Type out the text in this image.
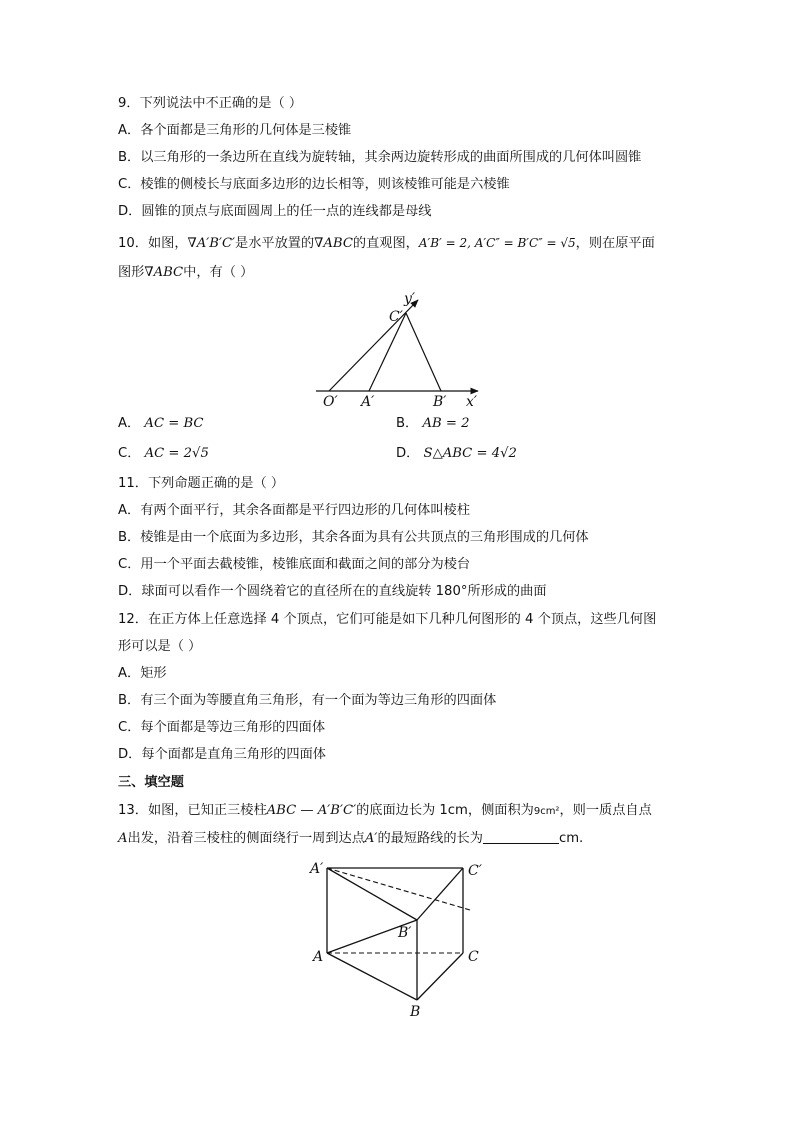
9．下列说法中不正确的是（ ）
A．各个面都是三角形的几何体是三棱锥
B．以三角形的一条边所在直线为旋转轴，其余两边旋转形成的曲面所围成的几何体叫圆锥
C．棱锥的侧棱长与底面多边形的边长相等，则该棱锥可能是六棱锥
D．圆锥的顶点与底面圆周上的任一点的连线都是母线
10．如图，∇A′B′C′是水平放置的∇ABC的直观图，A′B′ = 2, A′C″ = B′C″ = √5，则在原平面
图形∇ABC中，有（ ）
y′
C′
O′ A′	B′ x′
A． AC = BC	B． AB = 2
C． AC = 2√5	D． S△ABC = 4√2
11．下列命题正确的是（ ）
A．有两个面平行，其余各面都是平行四边形的几何体叫棱柱
B．棱锥是由一个底面为多边形，其余各面为具有公共顶点的三角形围成的几何体
C．用一个平面去截棱锥，棱锥底面和截面之间的部分为棱台
D．球面可以看作一个圆绕着它的直径所在的直线旋转 180°所形成的曲面
12．在正方体上任意选择 4 个顶点，它们可能是如下几种几何图形的 4 个顶点，这些几何图
形可以是（ ）
A．矩形
B．有三个面为等腰直角三角形，有一个面为等边三角形的四面体
C．每个面都是等边三角形的四面体
D．每个面都是直角三角形的四面体
三、填空题
13．如图，已知正三棱柱ABC — A′B′C′的底面边长为 1cm，侧面积为9cm²，则一质点自点
A出发，沿着三棱柱的侧面绕行一周到达点A′的最短路线的长为	cm.
A′	C′
B′
A	C
B
